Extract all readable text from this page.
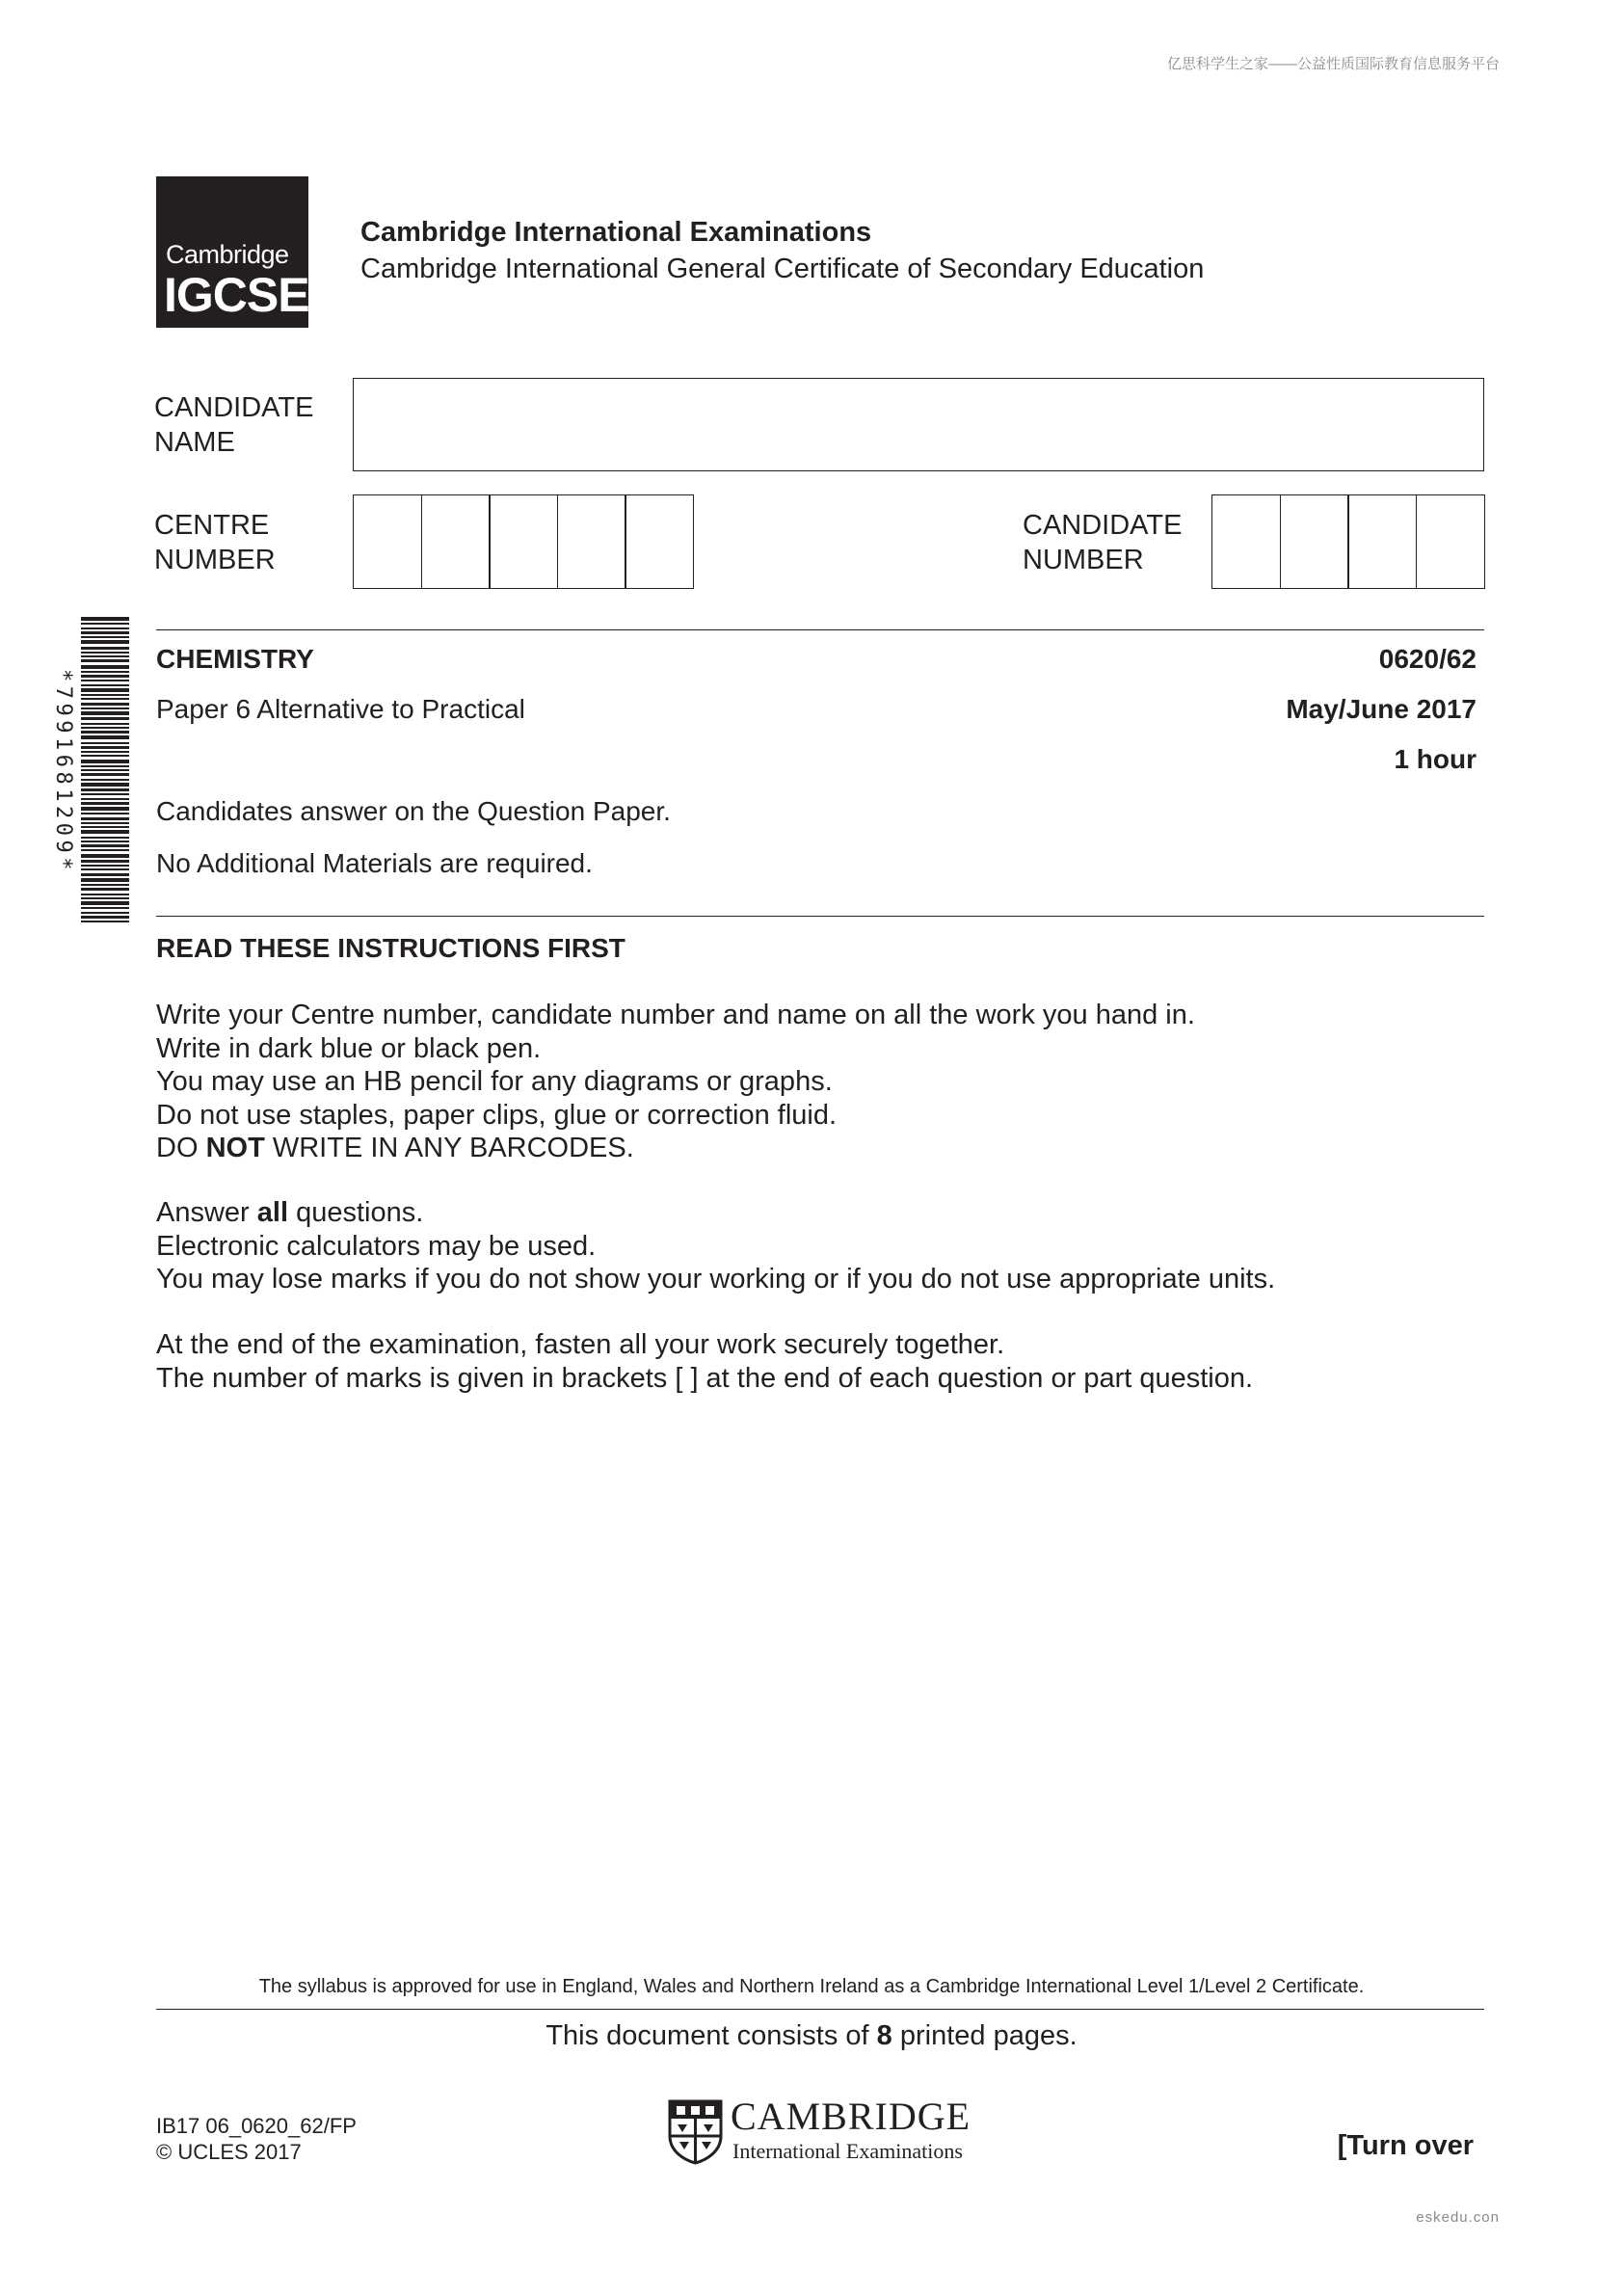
亿思科学生之家——公益性质国际教育信息服务平台
Cambridge
IGCSE
Cambridge International Examinations
Cambridge International General Certificate of Secondary Education
CANDIDATE
NAME
CENTRE
NUMBER
CANDIDATE
NUMBER
*7991681209*
CHEMISTRY	0620/62
Paper 6 Alternative to Practical	May/June 2017
1 hour
Candidates answer on the Question Paper.
No Additional Materials are required.
READ THESE INSTRUCTIONS FIRST
Write your Centre number, candidate number and name on all the work you hand in.
Write in dark blue or black pen.
You may use an HB pencil for any diagrams or graphs.
Do not use staples, paper clips, glue or correction fluid.
DO NOT WRITE IN ANY BARCODES.
Answer all questions.
Electronic calculators may be used.
You may lose marks if you do not show your working or if you do not use appropriate units.
At the end of the examination, fasten all your work securely together.
The number of marks is given in brackets [ ] at the end of each question or part question.
The syllabus is approved for use in England, Wales and Northern Ireland as a Cambridge International Level 1/Level 2 Certificate.
This document consists of 8 printed pages.
IB17 06_0620_62/FP
© UCLES 2017
CAMBRIDGE
International Examinations	[Turn over
eskedu.con
